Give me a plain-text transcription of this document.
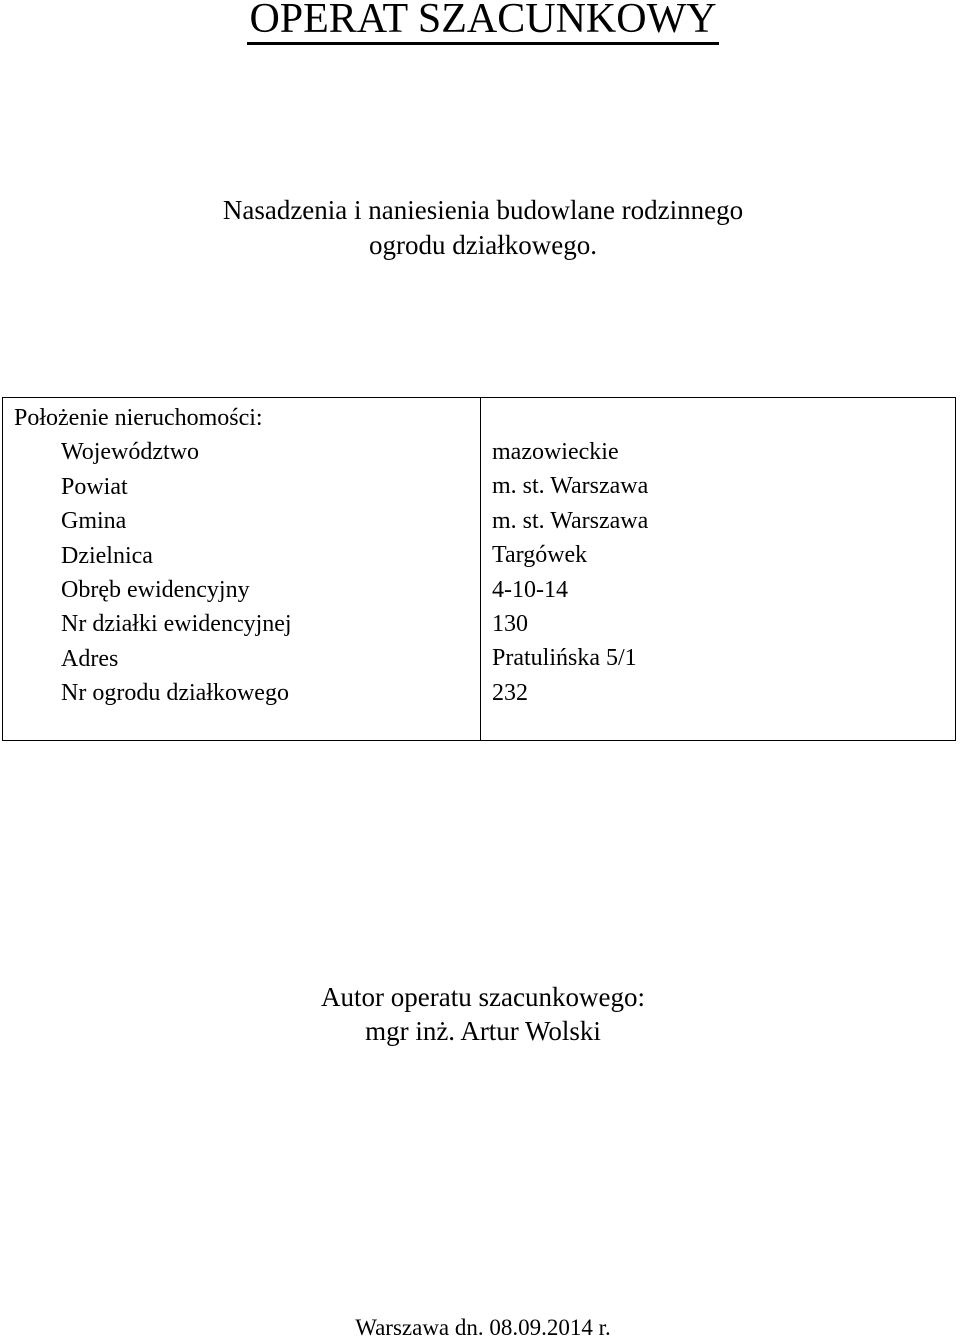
OPERAT SZACUNKOWY
Nasadzenia i naniesienia budowlane rodzinnego
ogrodu działkowego.
Położenie nieruchomości:
Województwo
Powiat
Gmina
Dzielnica
Obręb ewidencyjny
Nr działki ewidencyjnej
Adres
Nr ogrodu działkowego
mazowieckie
m. st. Warszawa
m. st. Warszawa
Targówek
4-10-14
130
Pratulińska 5/1
232
Autor operatu szacunkowego:
mgr inż. Artur Wolski
Warszawa dn. 08.09.2014 r.
